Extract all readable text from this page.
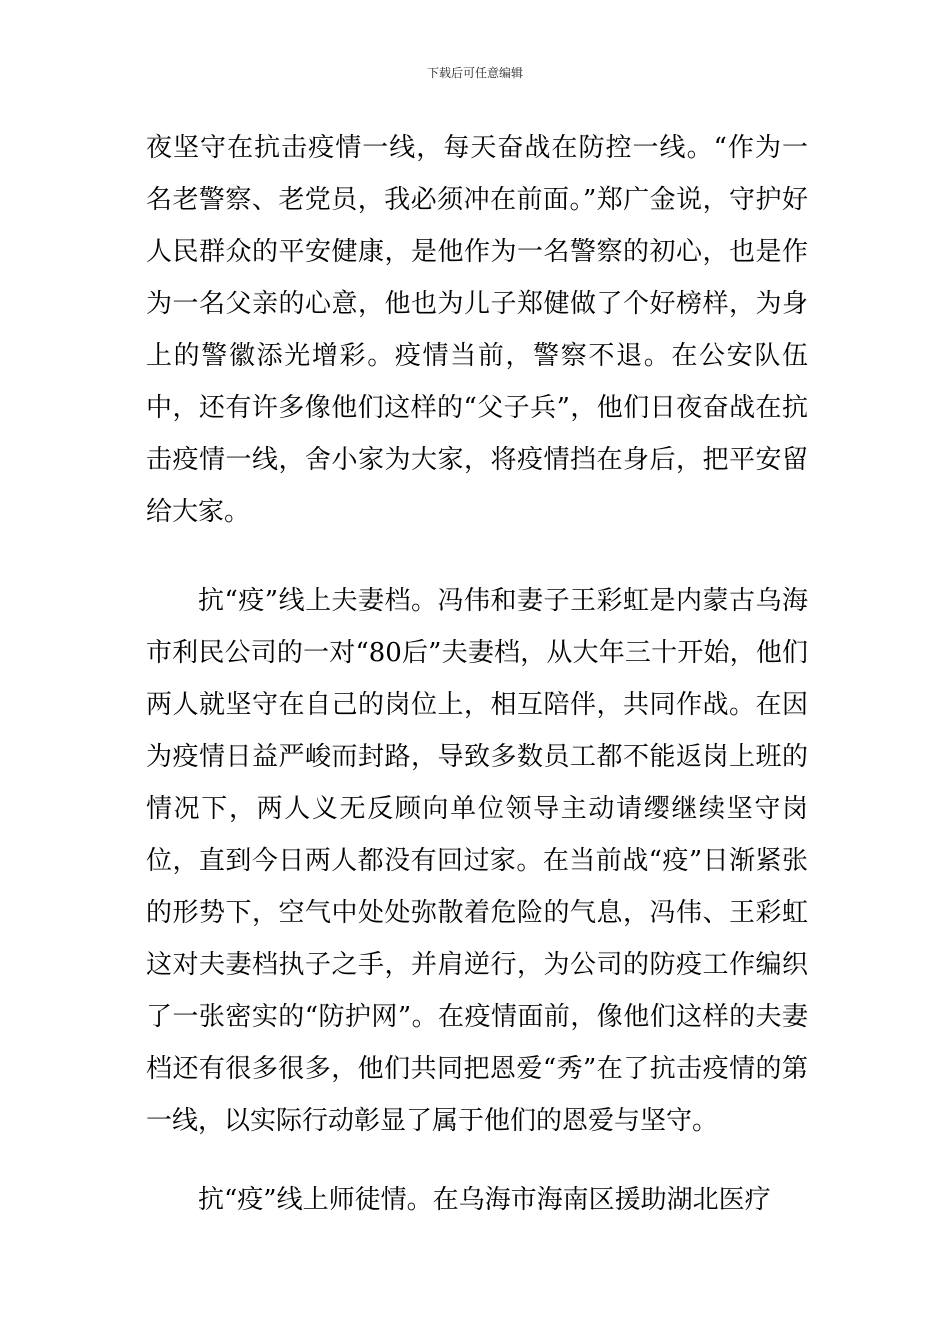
下载后可任意编辑

夜坚守在抗击疫情一线，每天奋战在防控一线。“作为一名老警察、老党员，我必须冲在前面。”郑广金说，守护好人民群众的平安健康，是他作为一名警察的初心，也是作为一名父亲的心意，他也为儿子郑健做了个好榜样，为身上的警徽添光增彩。疫情当前，警察不退。在公安队伍中，还有许多像他们这样的“父子兵”，他们日夜奋战在抗击疫情一线，舍小家为大家，将疫情挡在身后，把平安留给大家。

抗“疫”线上夫妻档。冯伟和妻子王彩虹是内蒙古乌海市利民公司的一对“80后”夫妻档，从大年三十开始，他们两人就坚守在自己的岗位上，相互陪伴，共同作战。在因为疫情日益严峻而封路，导致多数员工都不能返岗上班的情况下，两人义无反顾向单位领导主动请缨继续坚守岗位，直到今日两人都没有回过家。在当前战“疫”日渐紧张的形势下，空气中处处弥散着危险的气息，冯伟、王彩虹这对夫妻档执子之手，并肩逆行，为公司的防疫工作编织了一张密实的“防护网”。在疫情面前，像他们这样的夫妻档还有很多很多，他们共同把恩爱“秀”在了抗击疫情的第一线，以实际行动彰显了属于他们的恩爱与坚守。

抗“疫”线上师徒情。在乌海市海南区援助湖北医疗
